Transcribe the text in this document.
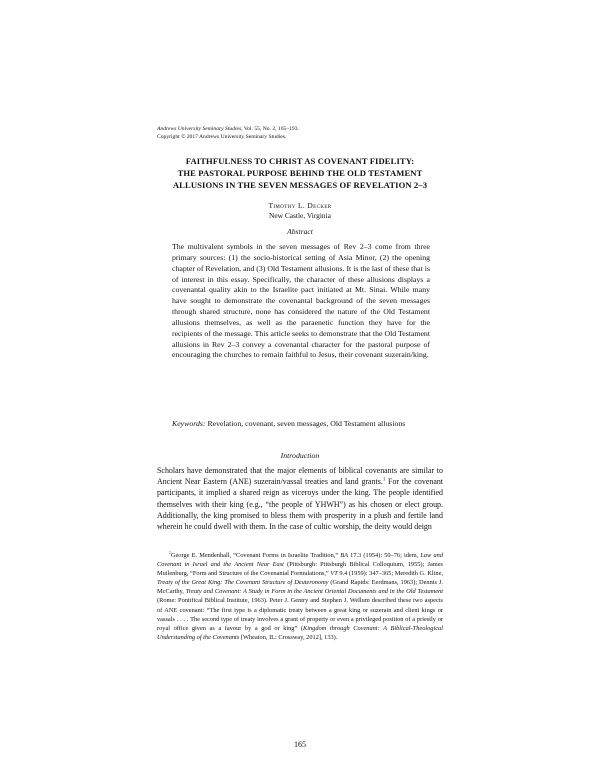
Andrews University Seminary Studies, Vol. 55, No. 2, 165–193.
Copyright © 2017 Andrews University Seminary Studies.
FAITHFULNESS TO CHRIST AS COVENANT FIDELITY:
THE PASTORAL PURPOSE BEHIND THE OLD TESTAMENT
ALLUSIONS IN THE SEVEN MESSAGES OF REVELATION 2–3
Timothy L. Decker
New Castle, Virginia
Abstract
The multivalent symbols in the seven messages of Rev 2–3 come from three primary sources: (1) the socio-historical setting of Asia Minor, (2) the opening chapter of Revelation, and (3) Old Testament allusions. It is the last of these that is of interest in this essay. Specifically, the character of these allusions displays a covenantal quality akin to the Israelite pact initiated at Mt. Sinai. While many have sought to demonstrate the covenantal background of the seven messages through shared structure, none has considered the nature of the Old Testament allusions themselves, as well as the paraenetic function they have for the recipients of the message. This article seeks to demonstrate that the Old Testament allusions in Rev 2–3 convey a covenantal character for the pastoral purpose of encouraging the churches to remain faithful to Jesus, their covenant suzerain/king.
Keywords: Revelation, covenant, seven messages, Old Testament allusions
Introduction
Scholars have demonstrated that the major elements of biblical covenants are similar to Ancient Near Eastern (ANE) suzerain/vassal treaties and land grants.$^1$ For the covenant participants, it implied a shared reign as viceroys under the king. The people identified themselves with their king (e.g., “the people of YHWH”) as his chosen or elect group. Additionally, the king promised to bless them with prosperity in a plush and fertile land wherein he could dwell with them. In the case of cultic worship, the deity would deign
$^1$George E. Mendenhall, “Covenant Forms in Israelite Tradition,” BA 17.3 (1954): 50–76; idem, Law and Covenant in Israel and the Ancient Near East (Pittsburgh: Pittsburgh Biblical Colloquium, 1955); James Muilenburg, “Form and Structure of the Covenantal Formulations,” VT 9.4 (1959): 347–365; Meredith G. Kline, Treaty of the Great King: The Covenant Structure of Deuteronomy (Grand Rapids: Eerdmans, 1963); Dennis J. McCarthy, Treaty and Covenant: A Study in Form in the Ancient Oriental Documents and in the Old Testament (Rome: Pontifical Biblical Institute, 1963). Peter J. Gentry and Stephen J. Wellum described these two aspects of ANE covenant: “The first type is a diplomatic treaty between a great king or suzerain and client kings or vassals . . . . The second type of treaty involves a grant of property or even a privileged position of a priestly or royal office given as a favour by a god or king” (Kingdom through Covenant: A Biblical-Theological Understanding of the Covenants [Wheaton, IL: Crossway, 2012], 133).
165
